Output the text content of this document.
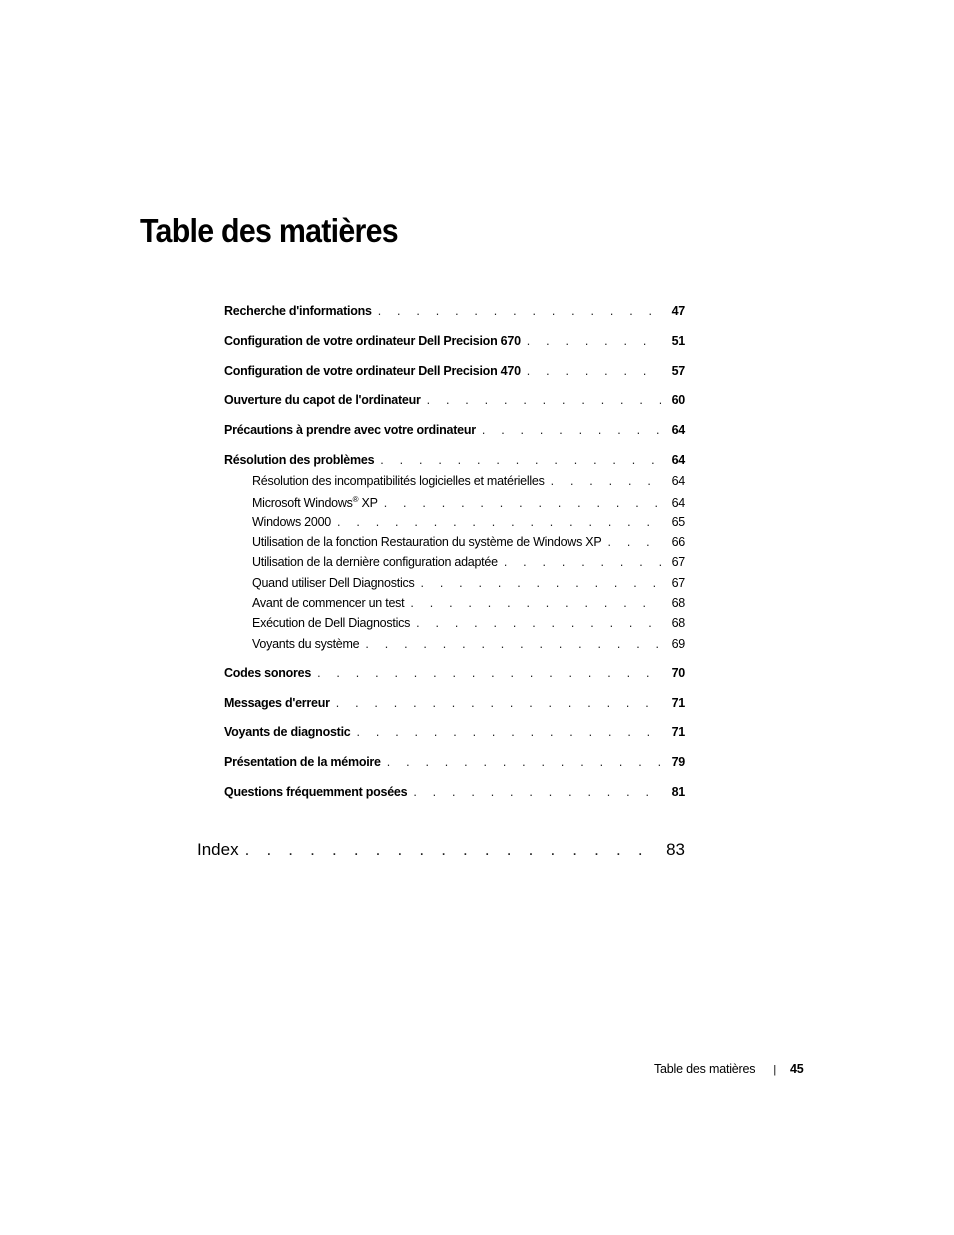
Table des matières
Recherche d'informations . . .	47
Configuration de votre ordinateur Dell Precision 670 . . .	51
Configuration de votre ordinateur Dell Precision 470 . . .	57
Ouverture du capot de l'ordinateur . . .	60
Précautions à prendre avec votre ordinateur . . .	64
Résolution des problèmes . . .	64
Résolution des incompatibilités logicielles et matérielles . . .	64
Microsoft Windows® XP . . .	64
Windows 2000 . . .	65
Utilisation de la fonction Restauration du système de Windows XP . . .	66
Utilisation de la dernière configuration adaptée . . .	67
Quand utiliser Dell Diagnostics . . .	67
Avant de commencer un test . . .	68
Exécution de Dell Diagnostics . . .	68
Voyants du système . . .	69
Codes sonores . . .	70
Messages d'erreur . . .	71
Voyants de diagnostic . . .	71
Présentation de la mémoire . . .	79
Questions fréquemment posées . . .	81
Index . . .	83
Table des matières | 45
